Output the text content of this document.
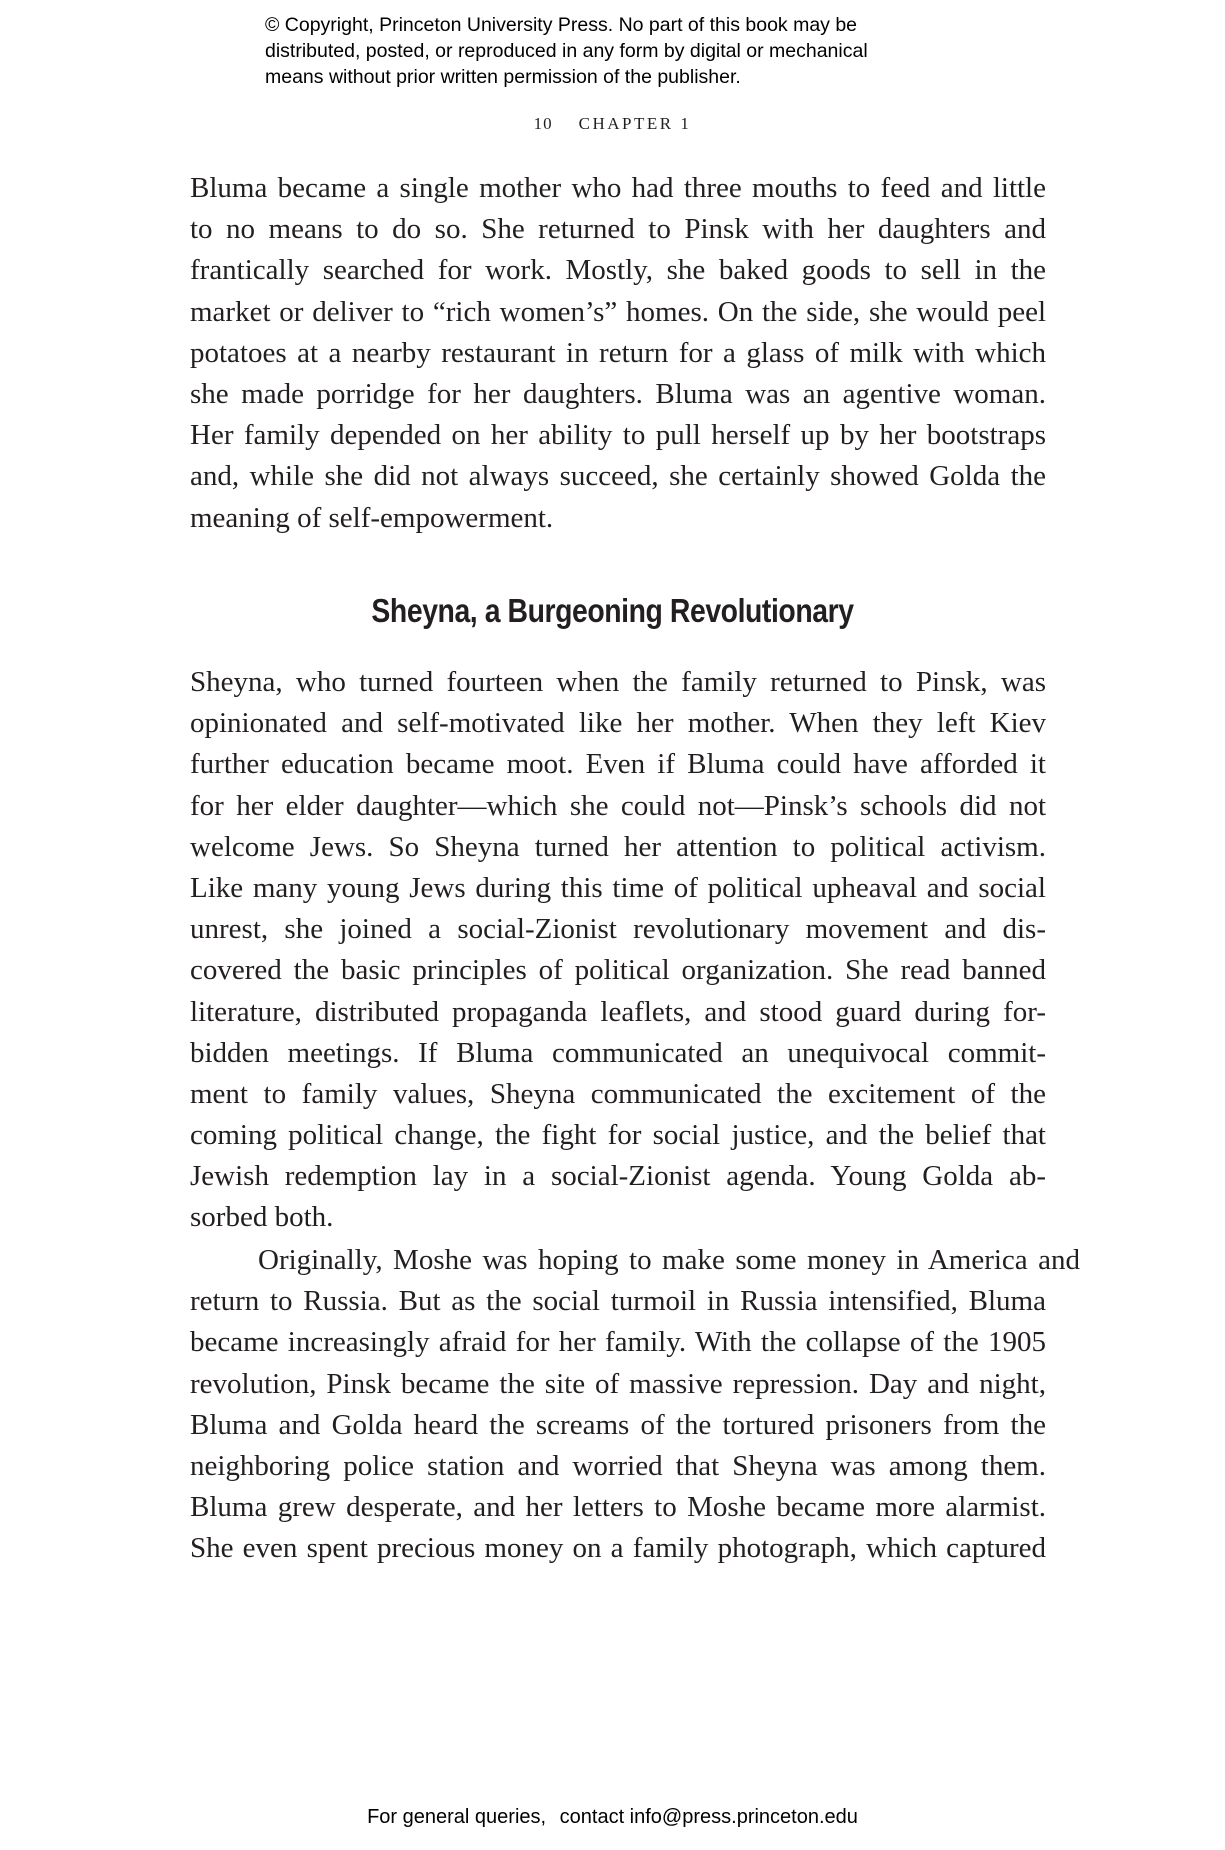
© Copyright, Princeton University Press. No part of this book may be
distributed, posted, or reproduced in any form by digital or mechanical
means without prior written permission of the publisher.
10 CHAPTER 1
Bluma became a single mother who had three mouths to feed and little
to no means to do so. She returned to Pinsk with her daughters and
frantically searched for work. Mostly, she baked goods to sell in the
market or deliver to “rich women’s” homes. On the side, she would peel
potatoes at a nearby restaurant in return for a glass of milk with which
she made porridge for her daughters. Bluma was an agentive woman.
Her family depended on her ability to pull herself up by her bootstraps
and, while she did not always succeed, she certainly showed Golda the
meaning of self-empowerment.
Sheyna, a Burgeoning Revolutionary
Sheyna, who turned fourteen when the family returned to Pinsk, was
opinionated and self-motivated like her mother. When they left Kiev
further education became moot. Even if Bluma could have afforded it
for her elder daughter—which she could not—Pinsk’s schools did not
welcome Jews. So Sheyna turned her attention to political activism.
Like many young Jews during this time of political upheaval and social
unrest, she joined a social-Zionist revolutionary movement and dis-
covered the basic principles of political organization. She read banned
literature, distributed propaganda leaflets, and stood guard during for-
bidden meetings. If Bluma communicated an unequivocal commit-
ment to family values, Sheyna communicated the excitement of the
coming political change, the fight for social justice, and the belief that
Jewish redemption lay in a social-Zionist agenda. Young Golda ab-
sorbed both.
Originally, Moshe was hoping to make some money in America and
return to Russia. But as the social turmoil in Russia intensified, Bluma
became increasingly afraid for her family. With the collapse of the 1905
revolution, Pinsk became the site of massive repression. Day and night,
Bluma and Golda heard the screams of the tortured prisoners from the
neighboring police station and worried that Sheyna was among them.
Bluma grew desperate, and her letters to Moshe became more alarmist.
She even spent precious money on a family photograph, which captured
For general queries, contact info@press.princeton.edu
